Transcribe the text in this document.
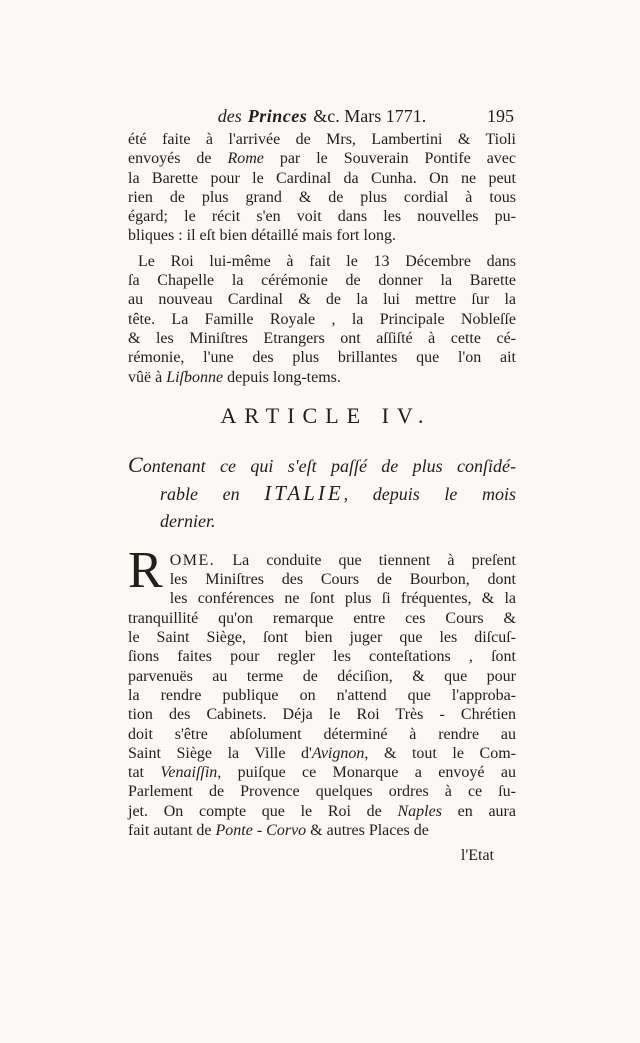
des Princes &c. Mars 1771.	195
été faite à l'arrivée de Mrs, Lambertini & Tioli
envoyés de Rome par le Souverain Pontife avec
la Barette pour le Cardinal da Cunha. On ne peut
rien de plus grand & de plus cordial à tous
égard; le récit s'en voit dans les nouvelles pu-
bliques : il eſt bien détaillé mais fort long.
Le Roi lui-même à fait le 13 Décembre dans
ſa Chapelle la cérémonie de donner la Barette
au nouveau Cardinal & de la lui mettre ſur la
tête. La Famille Royale , la Principale Nobleſſe
& les Miniſtres Etrangers ont aſſiſté à cette cé-
rémonie, l'une des plus brillantes que l'on ait
vûë à Liſbonne depuis long-tems.
ARTICLE IV.
Contenant ce qui s'eſt paſſé de plus conſidé-
rable en ITALIE, depuis le mois
dernier.
R OME. La conduite que tiennent à preſent
les Miniſtres des Cours de Bourbon, dont
les conférences ne ſont plus ſi fréquentes, & la
tranquillité qu'on remarque entre ces Cours &
le Saint Siège, ſont bien juger que les diſcuſ-
ſions faites pour regler les conteſtations , ſont
parvenuës au terme de déciſion, & que pour
la rendre publique on n'attend que l'approba-
tion des Cabinets. Déja le Roi Très - Chrétien
doit s'être abſolument déterminé à rendre au
Saint Siège la Ville d'Avignon, & tout le Com-
tat Venaiſſin, puiſque ce Monarque a envoyé au
Parlement de Provence quelques ordres à ce ſu-
jet. On compte que le Roi de Naples en aura
fait autant de Ponte - Corvo & autres Places de
l'Etat
